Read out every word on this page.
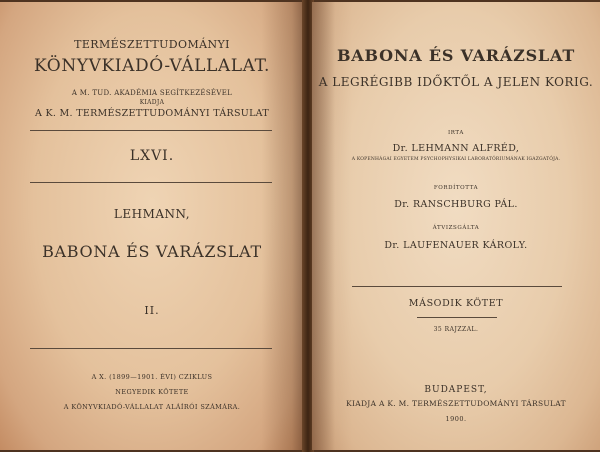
TERMÉSZETTUDOMÁNYI
KÖNYVKIADÓ-VÁLLALAT.
A M. TUD. AKADÉMIA SEGÍTKEZÉSÉVEL
KIADJA
A K. M. TERMÉSZETTUDOMÁNYI TÁRSULAT
LXVI.
LEHMANN,
BABONA ÉS VARÁZSLAT
II.
A X. (1899—1901. ÉVI) CZIKLUS
NEGYEDIK KÖTETE
A KÖNYVKIADÓ-VÁLLALAT ALÁÍRÓI SZÁMÁRA.
BABONA ÉS VARÁZSLAT
A LEGRÉGIBB IDŐKTŐL A JELEN KORIG.
IRTA
Dr. LEHMANN ALFRÉD,
A KOPENHÁGAI EGYETEM PSYCHOPHYSIKAI LABORATÓRIUMÁNAK IGAZGATÓJA.
FORDÍTOTTA
Dr. RANSCHBURG PÁL.
ÁTVIZSGÁLTA
Dr. LAUFENAUER KÁROLY.
MÁSODIK KÖTET
35 RAJZZAL.
BUDAPEST,
KIADJA A K. M. TERMÉSZETTUDOMÁNYI TÁRSULAT
1900.
